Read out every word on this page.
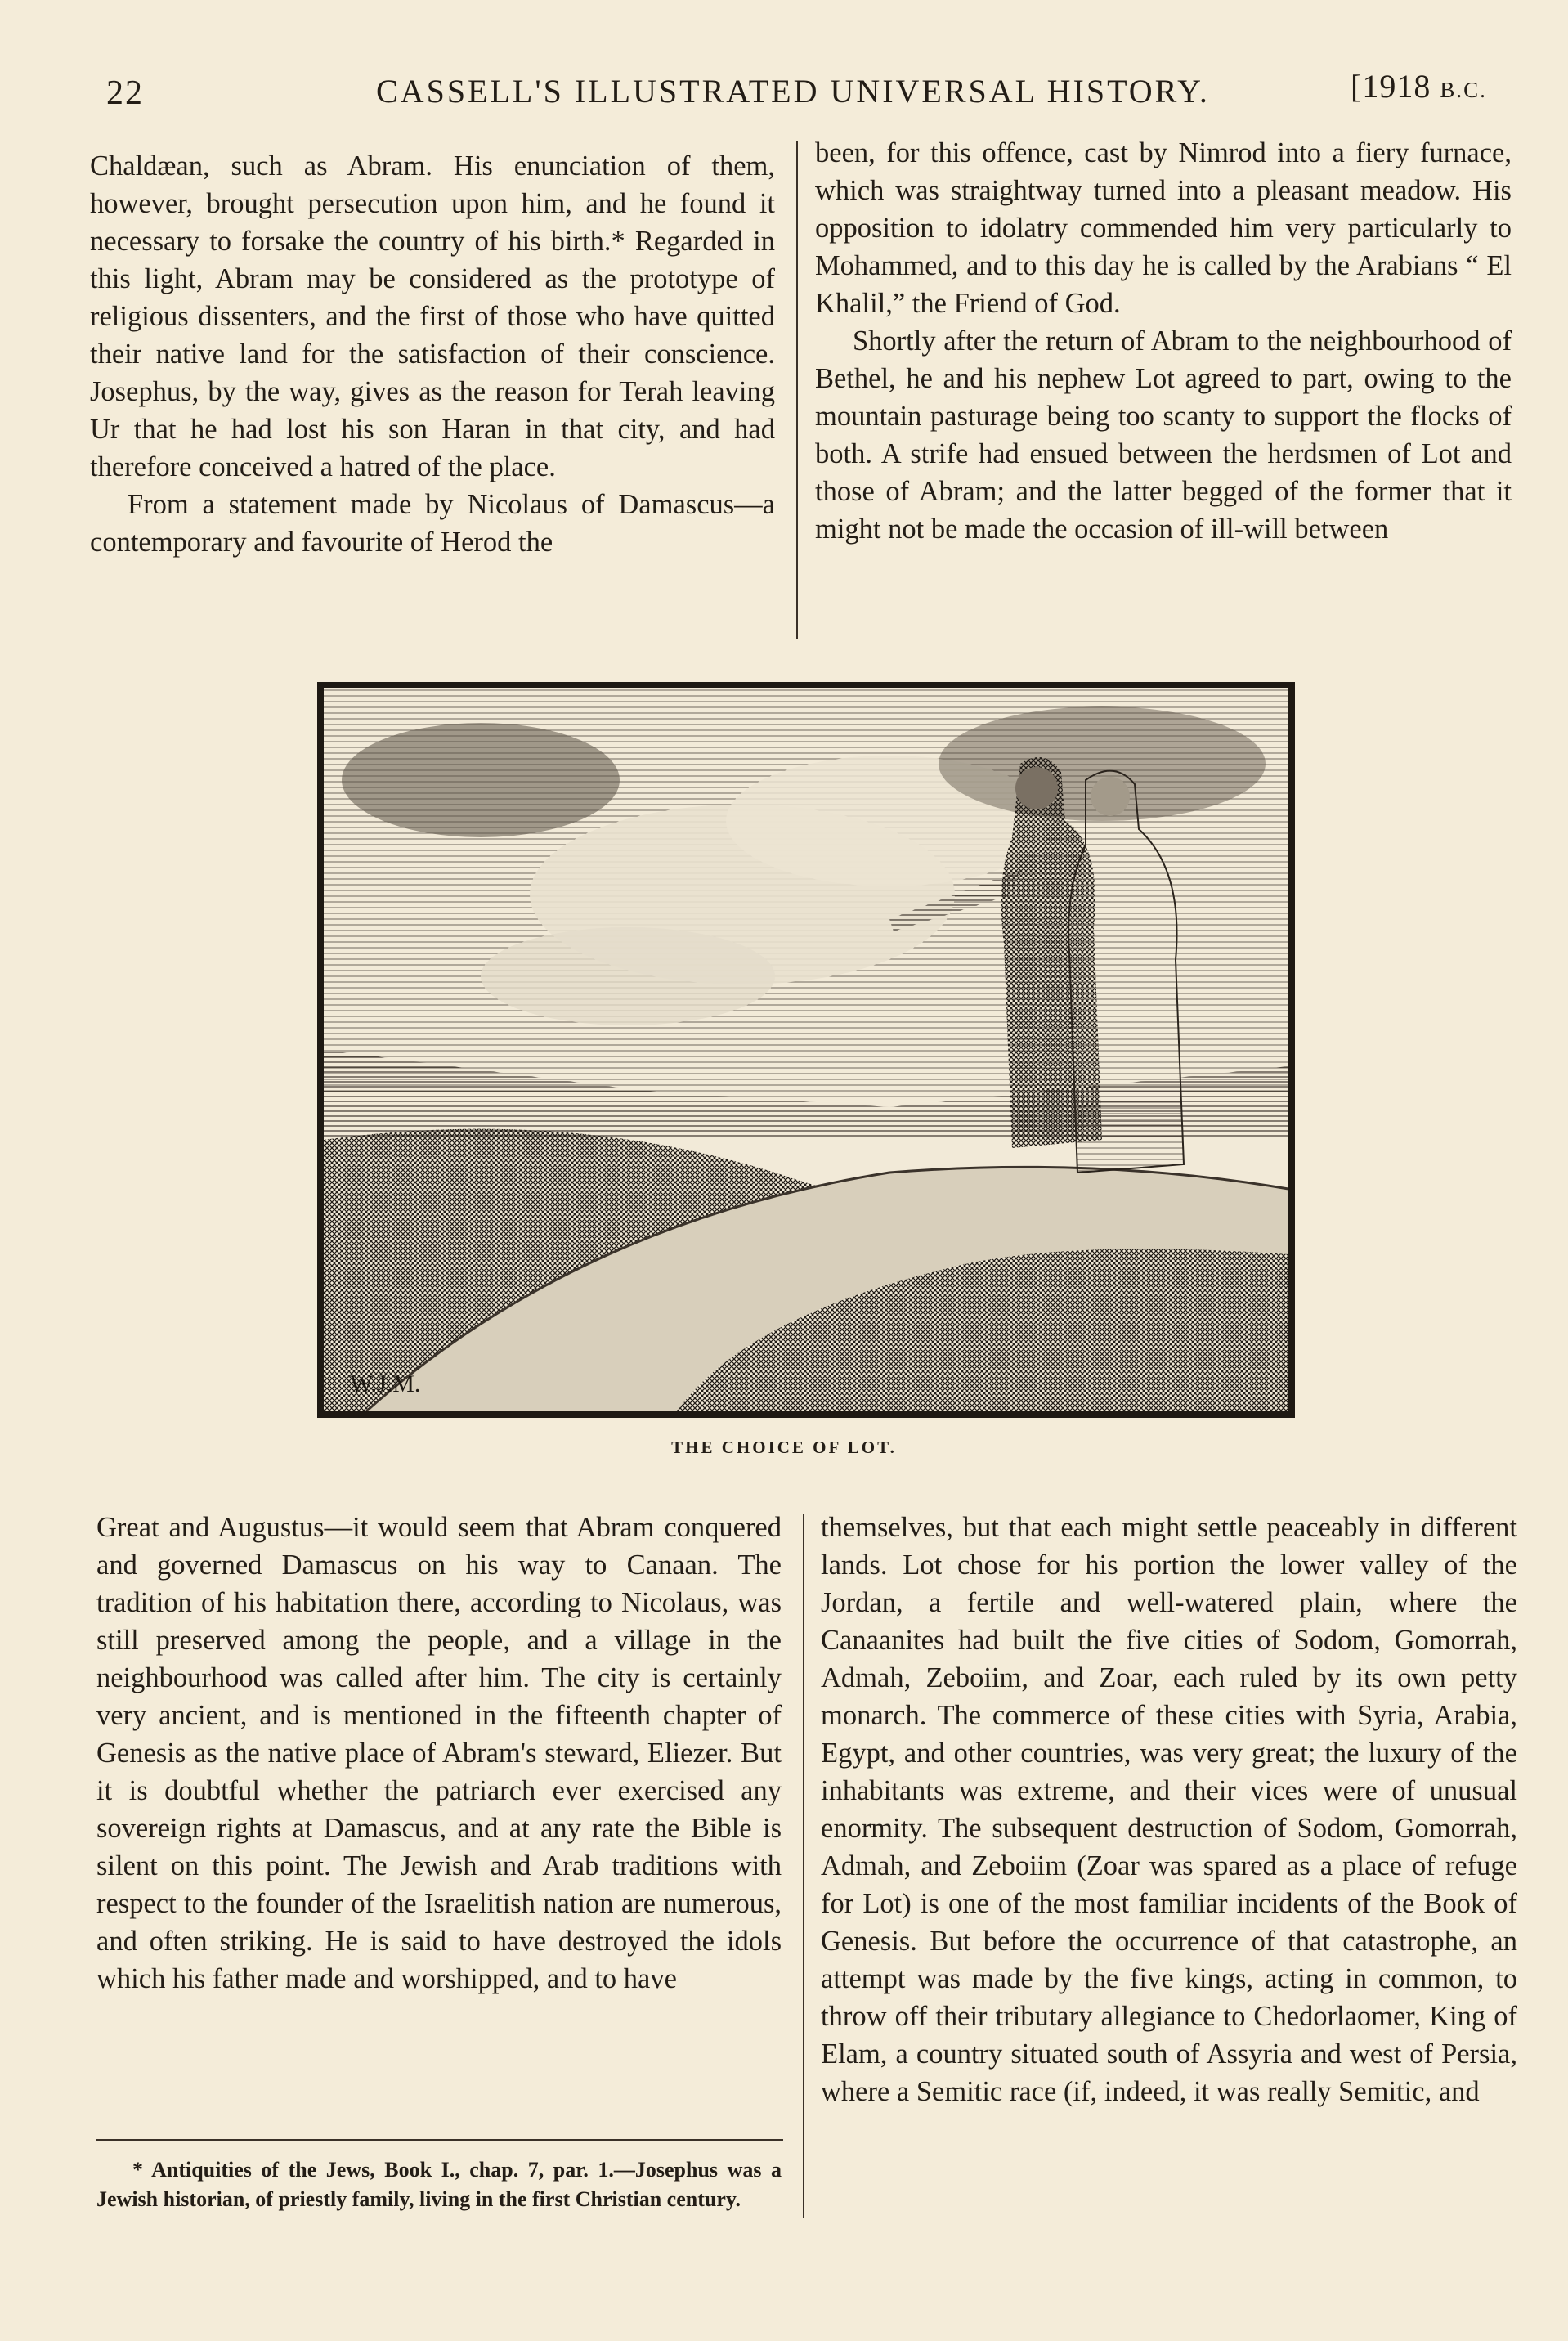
22	CASSELL'S ILLUSTRATED UNIVERSAL HISTORY.	[1918 B.C.

Chaldæan, such as Abram. His enunciation of them, however, brought persecution upon him, and he found it necessary to forsake the country of his birth.* Regarded in this light, Abram may be considered as the prototype of religious dissenters, and the first of those who have quitted their native land for the satisfaction of their conscience. Josephus, by the way, gives as the reason for Terah leaving Ur that he had lost his son Haran in that city, and had therefore conceived a hatred of the place.

From a statement made by Nicolaus of Damascus—a contemporary and favourite of Herod the

been, for this offence, cast by Nimrod into a fiery furnace, which was straightway turned into a pleasant meadow. His opposition to idolatry commended him very particularly to Mohammed, and to this day he is called by the Arabians “ El Khalil,” the Friend of God.

Shortly after the return of Abram to the neighbourhood of Bethel, he and his nephew Lot agreed to part, owing to the mountain pasturage being too scanty to support the flocks of both. A strife had ensued between the herdsmen of Lot and those of Abram; and the latter begged of the former that it might not be made the occasion of ill-will between

W.J.M.
THE CHOICE OF LOT.

Great and Augustus—it would seem that Abram conquered and governed Damascus on his way to Canaan. The tradition of his habitation there, according to Nicolaus, was still preserved among the people, and a village in the neighbourhood was called after him. The city is certainly very ancient, and is mentioned in the fifteenth chapter of Genesis as the native place of Abram's steward, Eliezer. But it is doubtful whether the patriarch ever exercised any sovereign rights at Damascus, and at any rate the Bible is silent on this point. The Jewish and Arab traditions with respect to the founder of the Israelitish nation are numerous, and often striking. He is said to have destroyed the idols which his father made and worshipped, and to have

themselves, but that each might settle peaceably in different lands. Lot chose for his portion the lower valley of the Jordan, a fertile and well-watered plain, where the Canaanites had built the five cities of Sodom, Gomorrah, Admah, Zeboiim, and Zoar, each ruled by its own petty monarch. The commerce of these cities with Syria, Arabia, Egypt, and other countries, was very great; the luxury of the inhabitants was extreme, and their vices were of unusual enormity. The subsequent destruction of Sodom, Gomorrah, Admah, and Zeboiim (Zoar was spared as a place of refuge for Lot) is one of the most familiar incidents of the Book of Genesis. But before the occurrence of that catastrophe, an attempt was made by the five kings, acting in common, to throw off their tributary allegiance to Chedorlaomer, King of Elam, a country situated south of Assyria and west of Persia, where a Semitic race (if, indeed, it was really Semitic, and

* Antiquities of the Jews, Book I., chap. 7, par. 1.—Josephus was a Jewish historian, of priestly family, living in the first Christian century.
